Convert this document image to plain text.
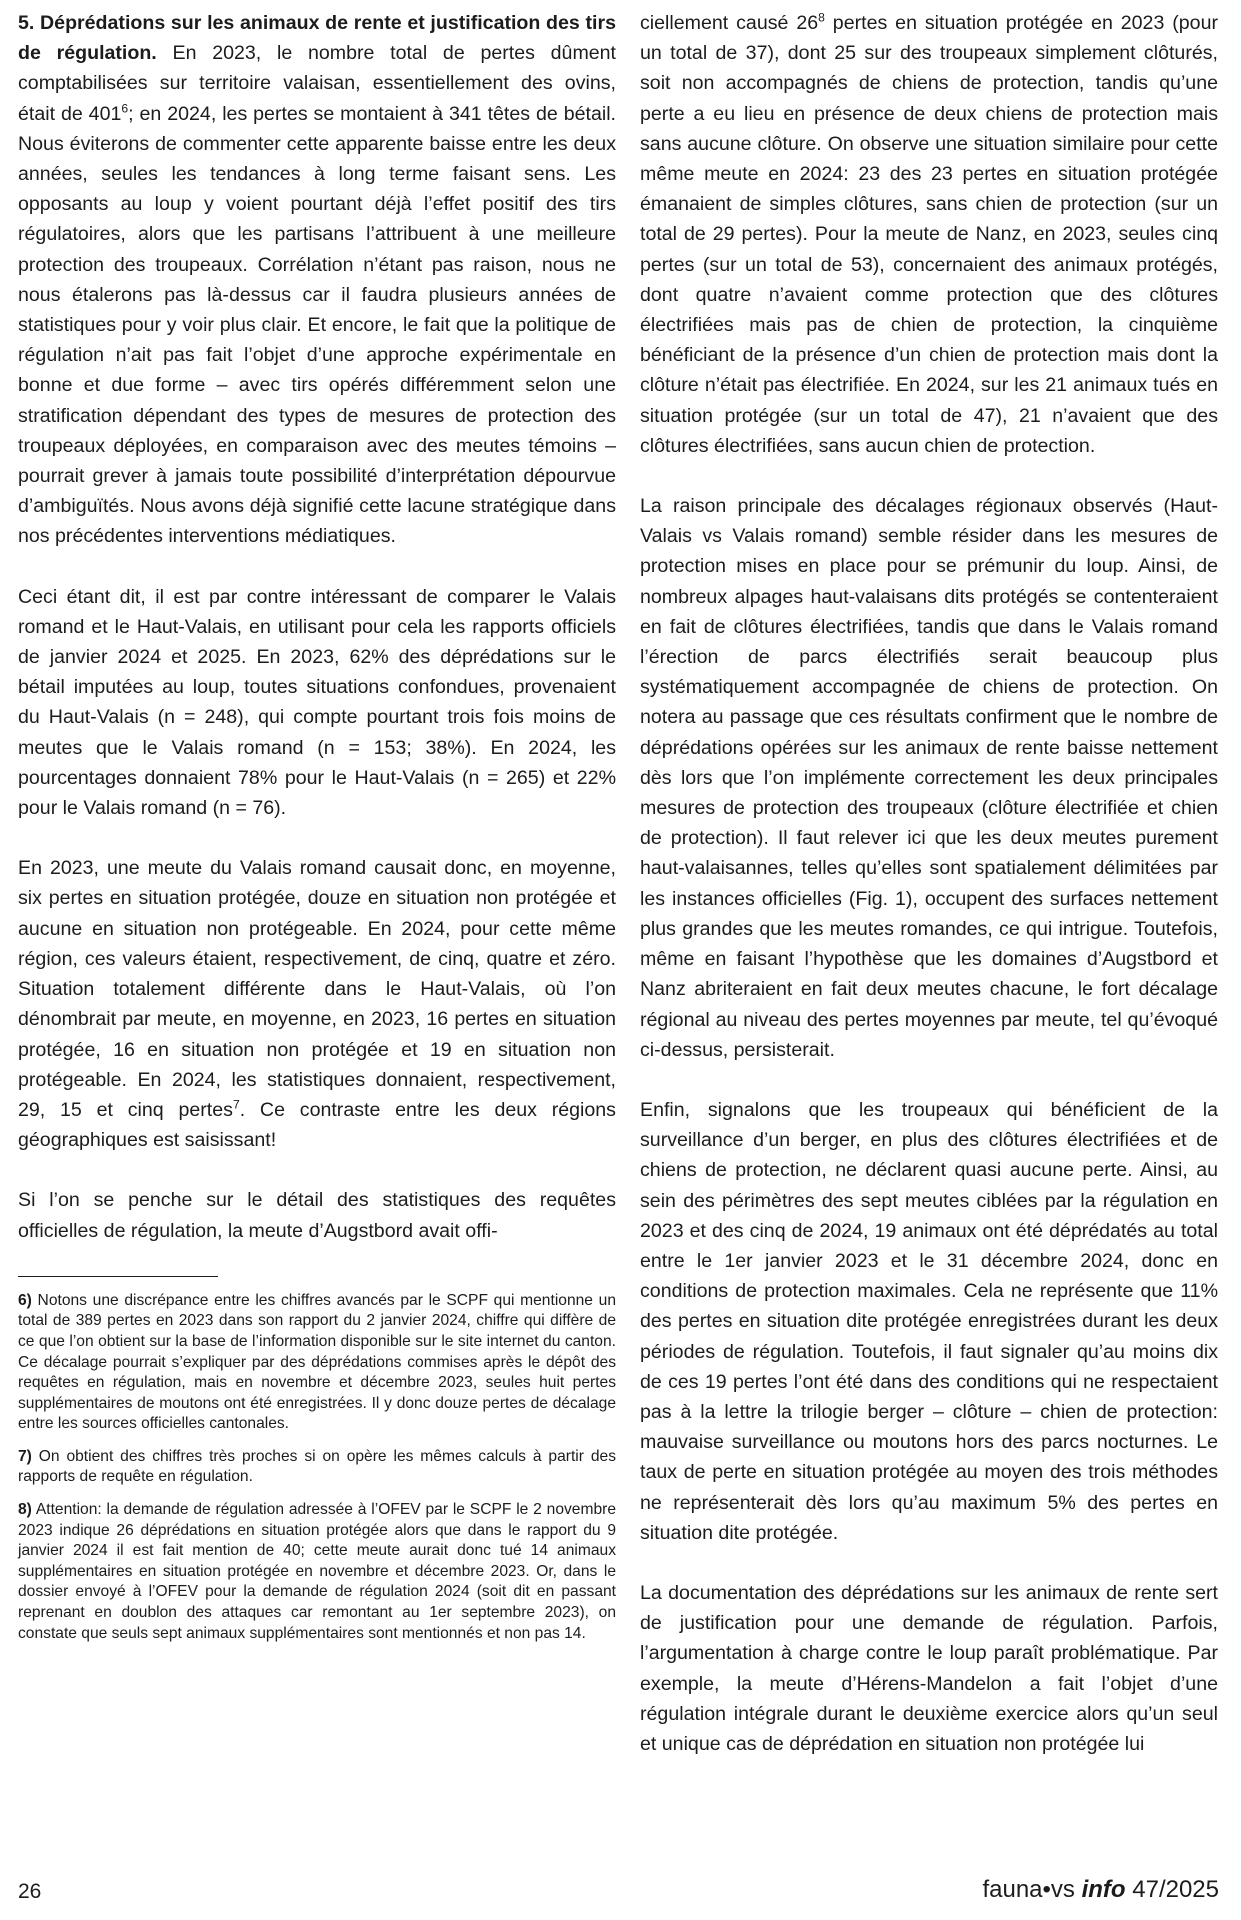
5. Déprédations sur les animaux de rente et justification des tirs de régulation. En 2023, le nombre total de pertes dûment comptabilisées sur territoire valaisan, essentiellement des ovins, était de $401^6$; en 2024, les pertes se montaient à 341 têtes de bétail. Nous éviterons de commenter cette apparente baisse entre les deux années, seules les tendances à long terme faisant sens. Les opposants au loup y voient pourtant déjà l’effet positif des tirs régulatoires, alors que les partisans l’attribuent à une meilleure protection des troupeaux. Corrélation n’étant pas raison, nous ne nous étalerons pas là-dessus car il faudra plusieurs années de statistiques pour y voir plus clair. Et encore, le fait que la politique de régulation n’ait pas fait l’objet d’une approche expérimentale en bonne et due forme – avec tirs opérés différemment selon une stratification dépendant des types de mesures de protection des troupeaux déployées, en comparaison avec des meutes témoins – pourrait grever à jamais toute possibilité d’interprétation dépourvue d’ambiguïtés. Nous avons déjà signifié cette lacune stratégique dans nos précédentes interventions médiatiques.

Ceci étant dit, il est par contre intéressant de comparer le Valais romand et le Haut-Valais, en utilisant pour cela les rapports officiels de janvier 2024 et 2025. En 2023, 62% des déprédations sur le bétail imputées au loup, toutes situations confondues, provenaient du Haut-Valais (n = 248), qui compte pourtant trois fois moins de meutes que le Valais romand (n = 153; 38%). En 2024, les pourcentages donnaient 78% pour le Haut-Valais (n = 265) et 22% pour le Valais romand (n = 76).

En 2023, une meute du Valais romand causait donc, en moyenne, six pertes en situation protégée, douze en situation non protégée et aucune en situation non protégeable. En 2024, pour cette même région, ces valeurs étaient, respectivement, de cinq, quatre et zéro. Situation totalement différente dans le Haut-Valais, où l’on dénombrait par meute, en moyenne, en 2023, 16 pertes en situation protégée, 16 en situation non protégée et 19 en situation non protégeable. En 2024, les statistiques donnaient, respectivement, 29, 15 et cinq pertes$^7$. Ce contraste entre les deux régions géographiques est saisissant!

Si l’on se penche sur le détail des statistiques des requêtes officielles de régulation, la meute d’Augstbord avait offi-

6) Notons une discrépance entre les chiffres avancés par le SCPF qui mentionne un total de 389 pertes en 2023 dans son rapport du 2 janvier 2024, chiffre qui diffère de ce que l’on obtient sur la base de l’information disponible sur le site internet du canton. Ce décalage pourrait s’expliquer par des déprédations commises après le dépôt des requêtes en régulation, mais en novembre et décembre 2023, seules huit pertes supplémentaires de moutons ont été enregistrées. Il y donc douze pertes de décalage entre les sources officielles cantonales.

7) On obtient des chiffres très proches si on opère les mêmes calculs à partir des rapports de requête en régulation.

8) Attention: la demande de régulation adressée à l’OFEV par le SCPF le 2 novembre 2023 indique 26 déprédations en situation protégée alors que dans le rapport du 9 janvier 2024 il est fait mention de 40; cette meute aurait donc tué 14 animaux supplémentaires en situation protégée en novembre et décembre 2023. Or, dans le dossier envoyé à l’OFEV pour la demande de régulation 2024 (soit dit en passant reprenant en doublon des attaques car remontant au 1er septembre 2023), on constate que seuls sept animaux supplémentaires sont mentionnés et non pas 14.

ciellement causé $26^8$ pertes en situation protégée en 2023 (pour un total de 37), dont 25 sur des troupeaux simplement clôturés, soit non accompagnés de chiens de protection, tandis qu’une perte a eu lieu en présence de deux chiens de protection mais sans aucune clôture. On observe une situation similaire pour cette même meute en 2024: 23 des 23 pertes en situation protégée émanaient de simples clôtures, sans chien de protection (sur un total de 29 pertes). Pour la meute de Nanz, en 2023, seules cinq pertes (sur un total de 53), concernaient des animaux protégés, dont quatre n’avaient comme protection que des clôtures électrifiées mais pas de chien de protection, la cinquième bénéficiant de la présence d’un chien de protection mais dont la clôture n’était pas électrifiée. En 2024, sur les 21 animaux tués en situation protégée (sur un total de 47), 21 n’avaient que des clôtures électrifiées, sans aucun chien de protection.

La raison principale des décalages régionaux observés (Haut-Valais vs Valais romand) semble résider dans les mesures de protection mises en place pour se prémunir du loup. Ainsi, de nombreux alpages haut-valaisans dits protégés se contenteraient en fait de clôtures électrifiées, tandis que dans le Valais romand l’érection de parcs électrifiés serait beaucoup plus systématiquement accompagnée de chiens de protection. On notera au passage que ces résultats confirment que le nombre de déprédations opérées sur les animaux de rente baisse nettement dès lors que l’on implémente correctement les deux principales mesures de protection des troupeaux (clôture électrifiée et chien de protection). Il faut relever ici que les deux meutes purement haut-valaisannes, telles qu’elles sont spatialement délimitées par les instances officielles (Fig. 1), occupent des surfaces nettement plus grandes que les meutes romandes, ce qui intrigue. Toutefois, même en faisant l’hypothèse que les domaines d’Augstbord et Nanz abriteraient en fait deux meutes chacune, le fort décalage régional au niveau des pertes moyennes par meute, tel qu’évoqué ci-dessus, persisterait.

Enfin, signalons que les troupeaux qui bénéficient de la surveillance d’un berger, en plus des clôtures électrifiées et de chiens de protection, ne déclarent quasi aucune perte. Ainsi, au sein des périmètres des sept meutes ciblées par la régulation en 2023 et des cinq de 2024, 19 animaux ont été déprédatés au total entre le 1er janvier 2023 et le 31 décembre 2024, donc en conditions de protection maximales. Cela ne représente que 11% des pertes en situation dite protégée enregistrées durant les deux périodes de régulation. Toutefois, il faut signaler qu’au moins dix de ces 19 pertes l’ont été dans des conditions qui ne respectaient pas à la lettre la trilogie berger – clôture – chien de protection: mauvaise surveillance ou moutons hors des parcs nocturnes. Le taux de perte en situation protégée au moyen des trois méthodes ne représenterait dès lors qu’au maximum 5% des pertes en situation dite protégée.

La documentation des déprédations sur les animaux de rente sert de justification pour une demande de régulation. Parfois, l’argumentation à charge contre le loup paraît problématique. Par exemple, la meute d’Hérens-Mandelon a fait l’objet d’une régulation intégrale durant le deuxième exercice alors qu’un seul et unique cas de déprédation en situation non protégée lui

26	fauna•vs info 47/2025
